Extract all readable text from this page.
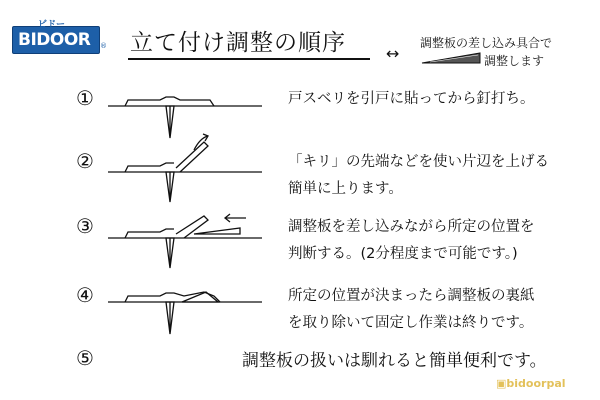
BIDOOR
ビドー
® 立て付け調整の順序	↔
調整板の差し込み具合で
調整します
①	戸スベリを引戸に貼ってから釘打ち。
②	「キリ」の先端などを使い片辺を上げる
簡単に上ります。
③	調整板を差し込みながら所定の位置を
判断する。(2分程度まで可能です。)
④	所定の位置が決まったら調整板の裏紙
を取り除いて固定し作業は終りです。
⑤	調整板の扱いは馴れると簡単便利です。
▣bidoorpal
